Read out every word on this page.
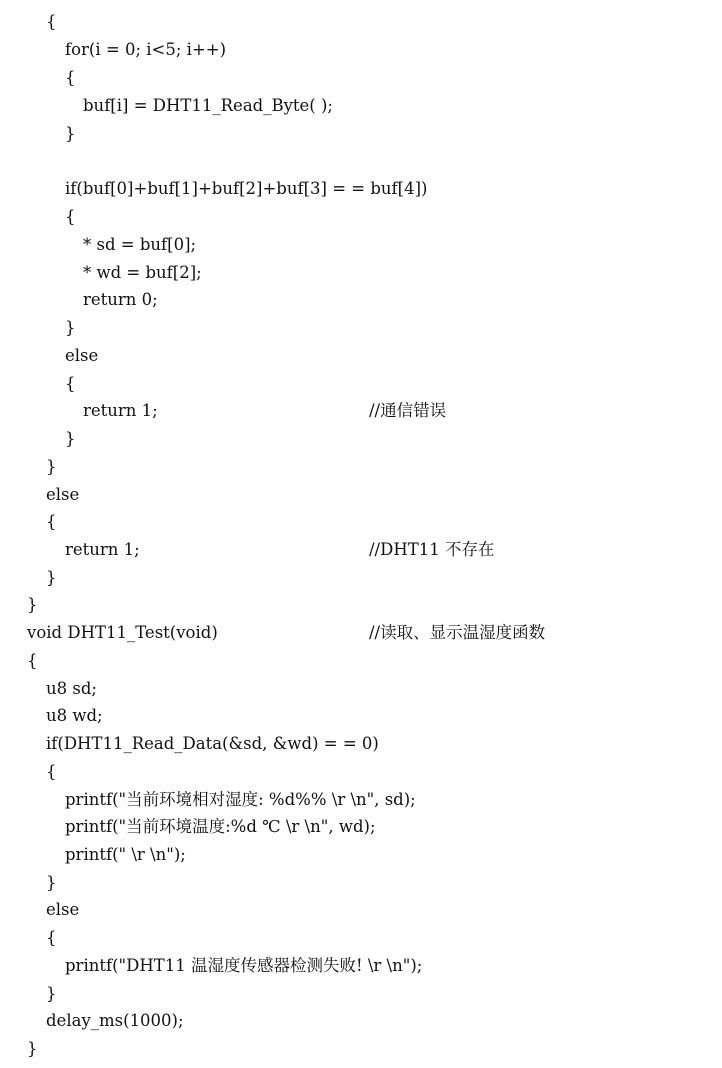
{
for(i = 0; i<5; i++)
{
buf[i] = DHT11_Read_Byte( );
}
if(buf[0]+buf[1]+buf[2]+buf[3] = = buf[4])
{
* sd = buf[0];
* wd = buf[2];
return 0;
}
else
{
return 1;	//通信错误
}
}
else
{
return 1;	//DHT11 不存在
}
}
void DHT11_Test(void)	//读取、显示温湿度函数
{
u8 sd;
u8 wd;
if(DHT11_Read_Data(&sd, &wd) = = 0)
{
printf("当前环境相对湿度: %d%% \r \n", sd);
printf("当前环境温度:%d ℃ \r \n", wd);
printf(" \r \n");
}
else
{
printf("DHT11 温湿度传感器检测失败! \r \n");
}
delay_ms(1000);
}
